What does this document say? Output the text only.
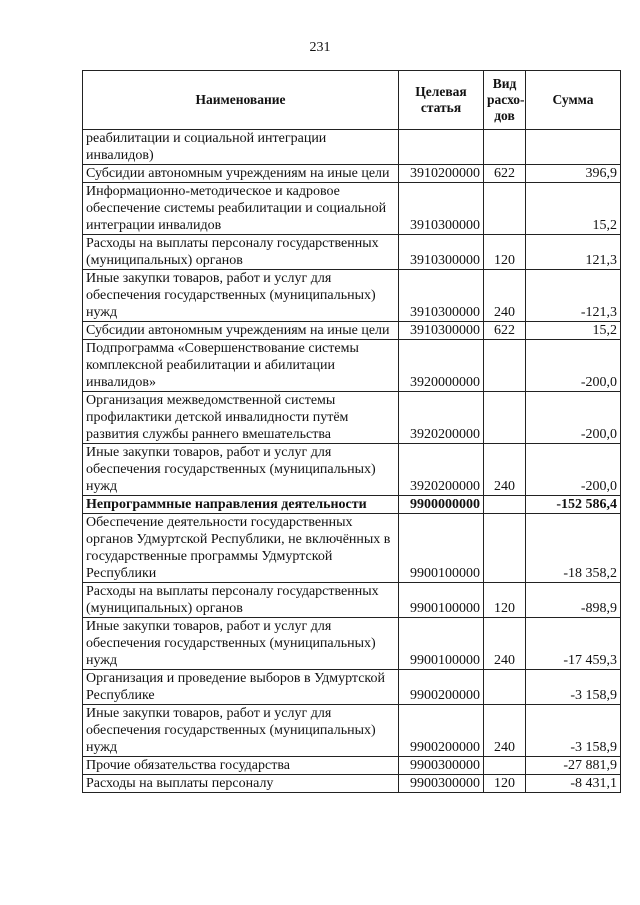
231
Наименование	Целевая статья	Вид расхо-дов	Сумма
реабилитации и социальной интеграции инвалидов)			
Субсидии автономным учреждениям на иные цели	3910200000	622	396,9
Информационно-методическое и кадровое обеспечение системы реабилитации и социальной интеграции инвалидов	3910300000		15,2
Расходы на выплаты персоналу государственных (муниципальных) органов	3910300000	120	121,3
Иные закупки товаров, работ и услуг для обеспечения государственных (муниципальных) нужд	3910300000	240	-121,3
Субсидии автономным учреждениям на иные цели	3910300000	622	15,2
Подпрограмма «Совершенствование системы комплексной реабилитации и абилитации инвалидов»	3920000000		-200,0
Организация межведомственной системы профилактики детской инвалидности путём развития службы раннего вмешательства	3920200000		-200,0
Иные закупки товаров, работ и услуг для обеспечения государственных (муниципальных) нужд	3920200000	240	-200,0
Непрограммные направления деятельности	9900000000		-152 586,4
Обеспечение деятельности государственных органов Удмуртской Республики, не включённых в государственные программы Удмуртской Республики	9900100000		-18 358,2
Расходы на выплаты персоналу государственных (муниципальных) органов	9900100000	120	-898,9
Иные закупки товаров, работ и услуг для обеспечения государственных (муниципальных) нужд	9900100000	240	-17 459,3
Организация и проведение выборов в Удмуртской Республике	9900200000		-3 158,9
Иные закупки товаров, работ и услуг для обеспечения государственных (муниципальных) нужд	9900200000	240	-3 158,9
Прочие обязательства государства	9900300000		-27 881,9
Расходы на выплаты персоналу	9900300000	120	-8 431,1
